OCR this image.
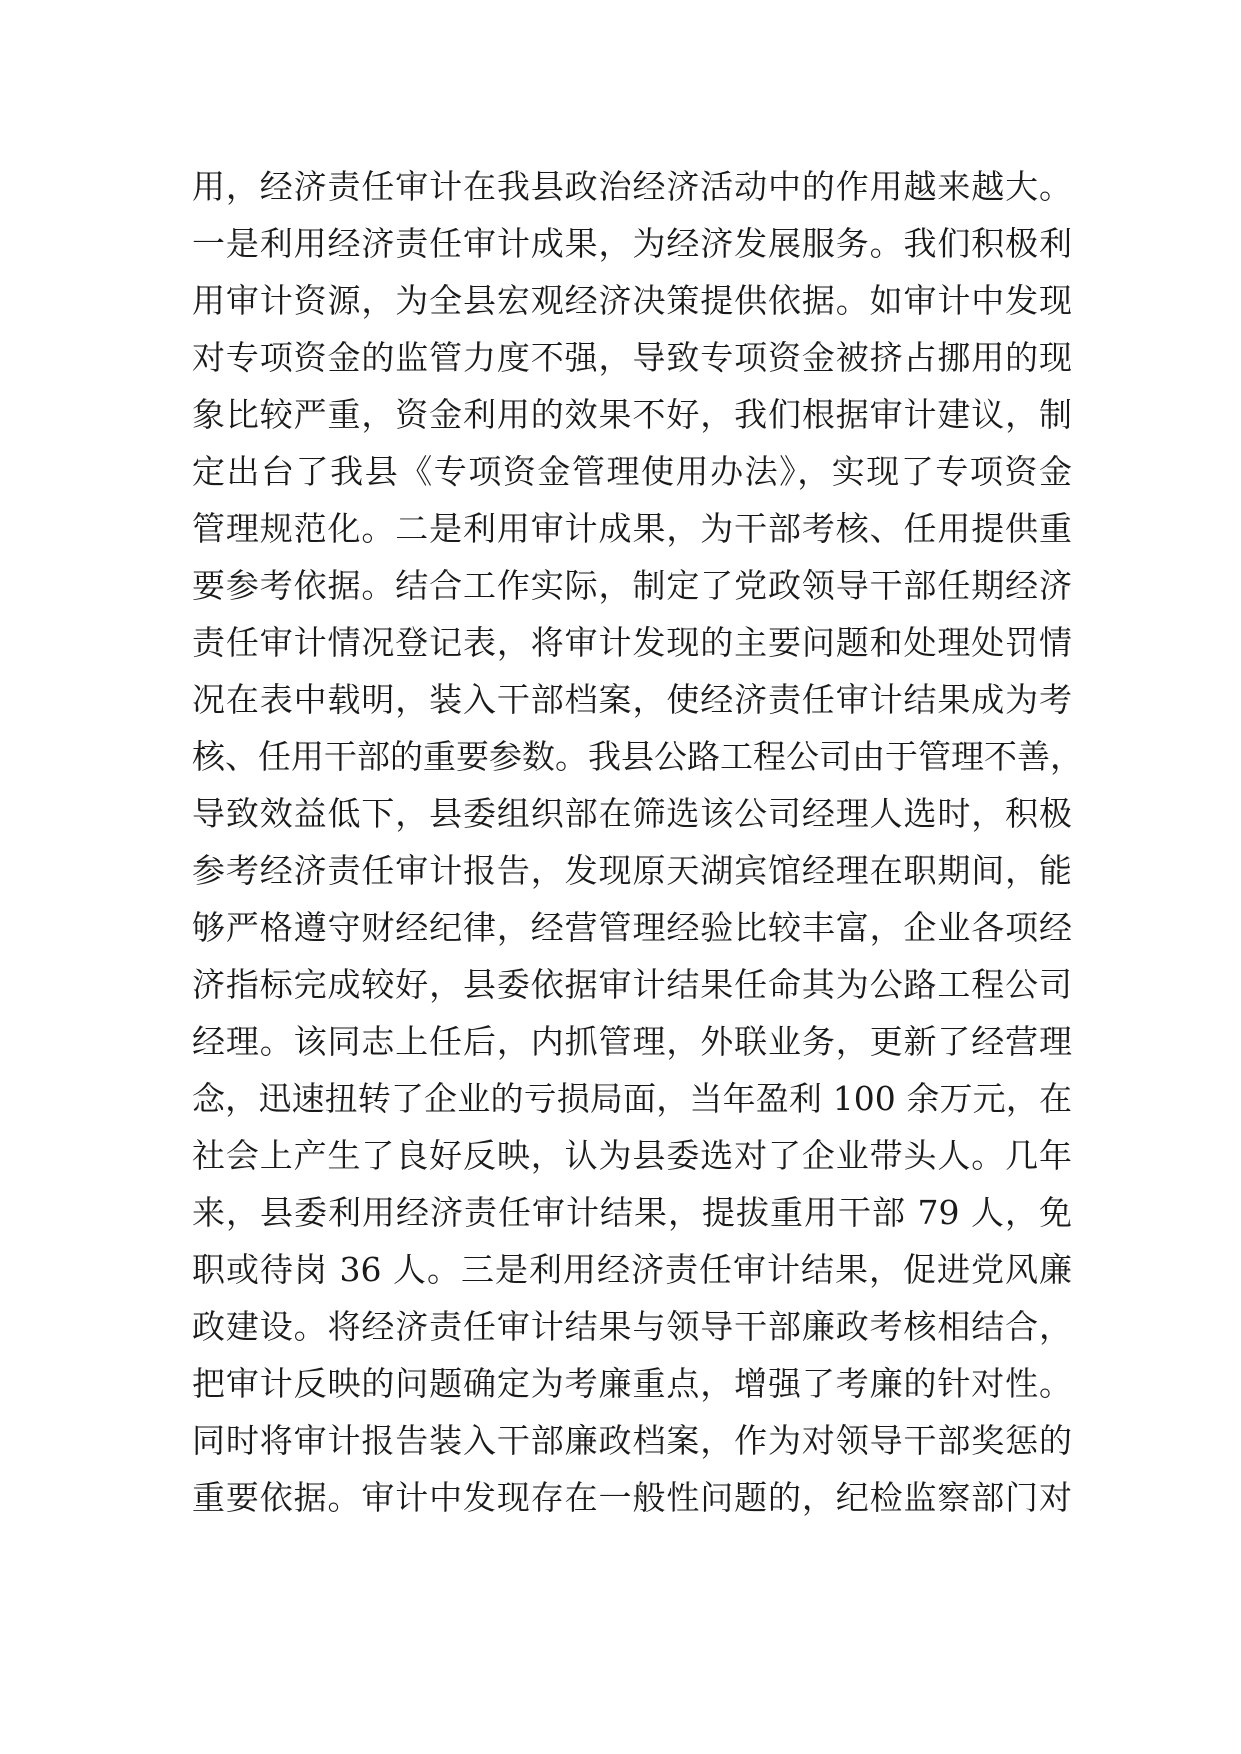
用，经济责任审计在我县政治经济活动中的作用越来越大。
一是利用经济责任审计成果，为经济发展服务。我们积极利
用审计资源，为全县宏观经济决策提供依据。如审计中发现
对专项资金的监管力度不强，导致专项资金被挤占挪用的现
象比较严重，资金利用的效果不好，我们根据审计建议，制
定出台了我县《专项资金管理使用办法》，实现了专项资金
管理规范化。二是利用审计成果，为干部考核、任用提供重
要参考依据。结合工作实际，制定了党政领导干部任期经济
责任审计情况登记表，将审计发现的主要问题和处理处罚情
况在表中载明，装入干部档案，使经济责任审计结果成为考
核、任用干部的重要参数。我县公路工程公司由于管理不善，
导致效益低下，县委组织部在筛选该公司经理人选时，积极
参考经济责任审计报告，发现原天湖宾馆经理在职期间，能
够严格遵守财经纪律，经营管理经验比较丰富，企业各项经
济指标完成较好，县委依据审计结果任命其为公路工程公司
经理。该同志上任后，内抓管理，外联业务，更新了经营理
念，迅速扭转了企业的亏损局面，当年盈利 100 余万元，在
社会上产生了良好反映，认为县委选对了企业带头人。几年
来，县委利用经济责任审计结果，提拔重用干部 79 人，免
职或待岗 36 人。三是利用经济责任审计结果，促进党风廉
政建设。将经济责任审计结果与领导干部廉政考核相结合，
把审计反映的问题确定为考廉重点，增强了考廉的针对性。
同时将审计报告装入干部廉政档案，作为对领导干部奖惩的
重要依据。审计中发现存在一般性问题的，纪检监察部门对
